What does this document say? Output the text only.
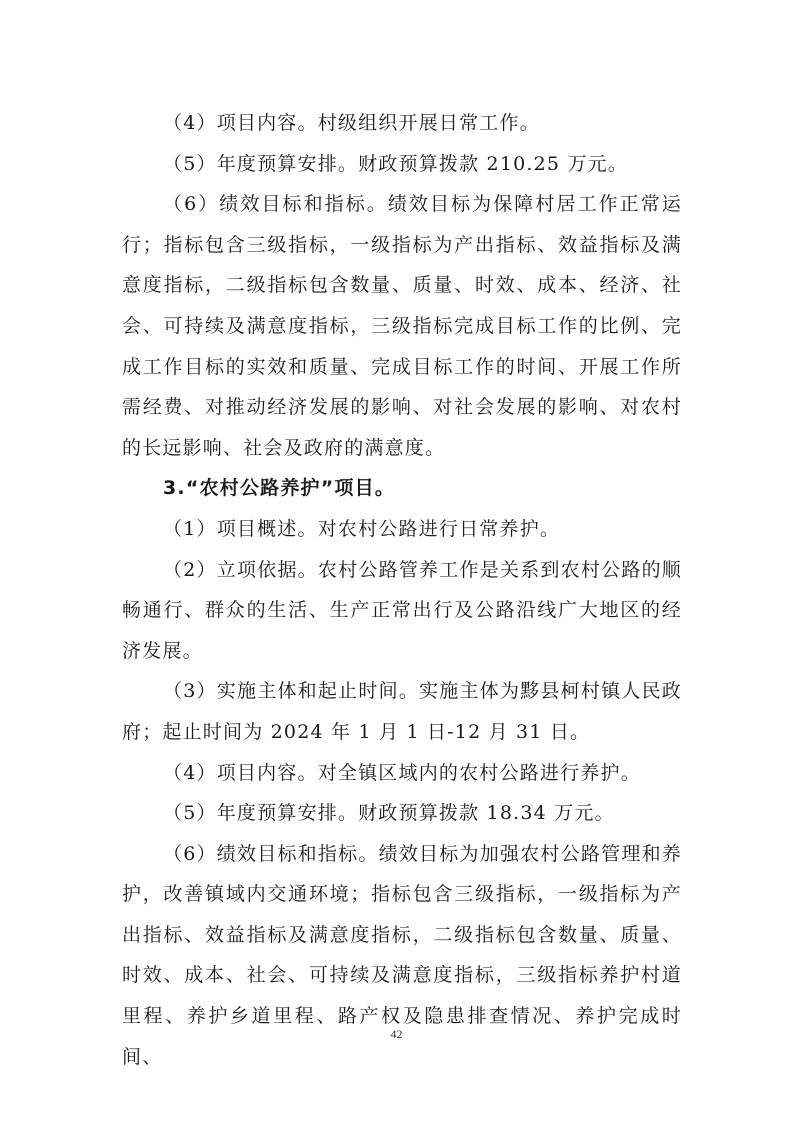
（4）项目内容。村级组织开展日常工作。

（5）年度预算安排。财政预算拨款 210.25 万元。

（6）绩效目标和指标。绩效目标为保障村居工作正常运行；指标包含三级指标，一级指标为产出指标、效益指标及满意度指标，二级指标包含数量、质量、时效、成本、经济、社会、可持续及满意度指标，三级指标完成目标工作的比例、完成工作目标的实效和质量、完成目标工作的时间、开展工作所需经费、对推动经济发展的影响、对社会发展的影响、对农村的长远影响、社会及政府的满意度。

3.“农村公路养护”项目。

（1）项目概述。对农村公路进行日常养护。

（2）立项依据。农村公路管养工作是关系到农村公路的顺畅通行、群众的生活、生产正常出行及公路沿线广大地区的经济发展。

（3）实施主体和起止时间。实施主体为黟县柯村镇人民政府；起止时间为 2024 年 1 月 1 日-12 月 31 日。

（4）项目内容。对全镇区域内的农村公路进行养护。

（5）年度预算安排。财政预算拨款 18.34 万元。

（6）绩效目标和指标。绩效目标为加强农村公路管理和养护，改善镇域内交通环境；指标包含三级指标，一级指标为产出指标、效益指标及满意度指标，二级指标包含数量、质量、时效、成本、社会、可持续及满意度指标，三级指标养护村道里程、养护乡道里程、路产权及隐患排查情况、养护完成时间、

42
